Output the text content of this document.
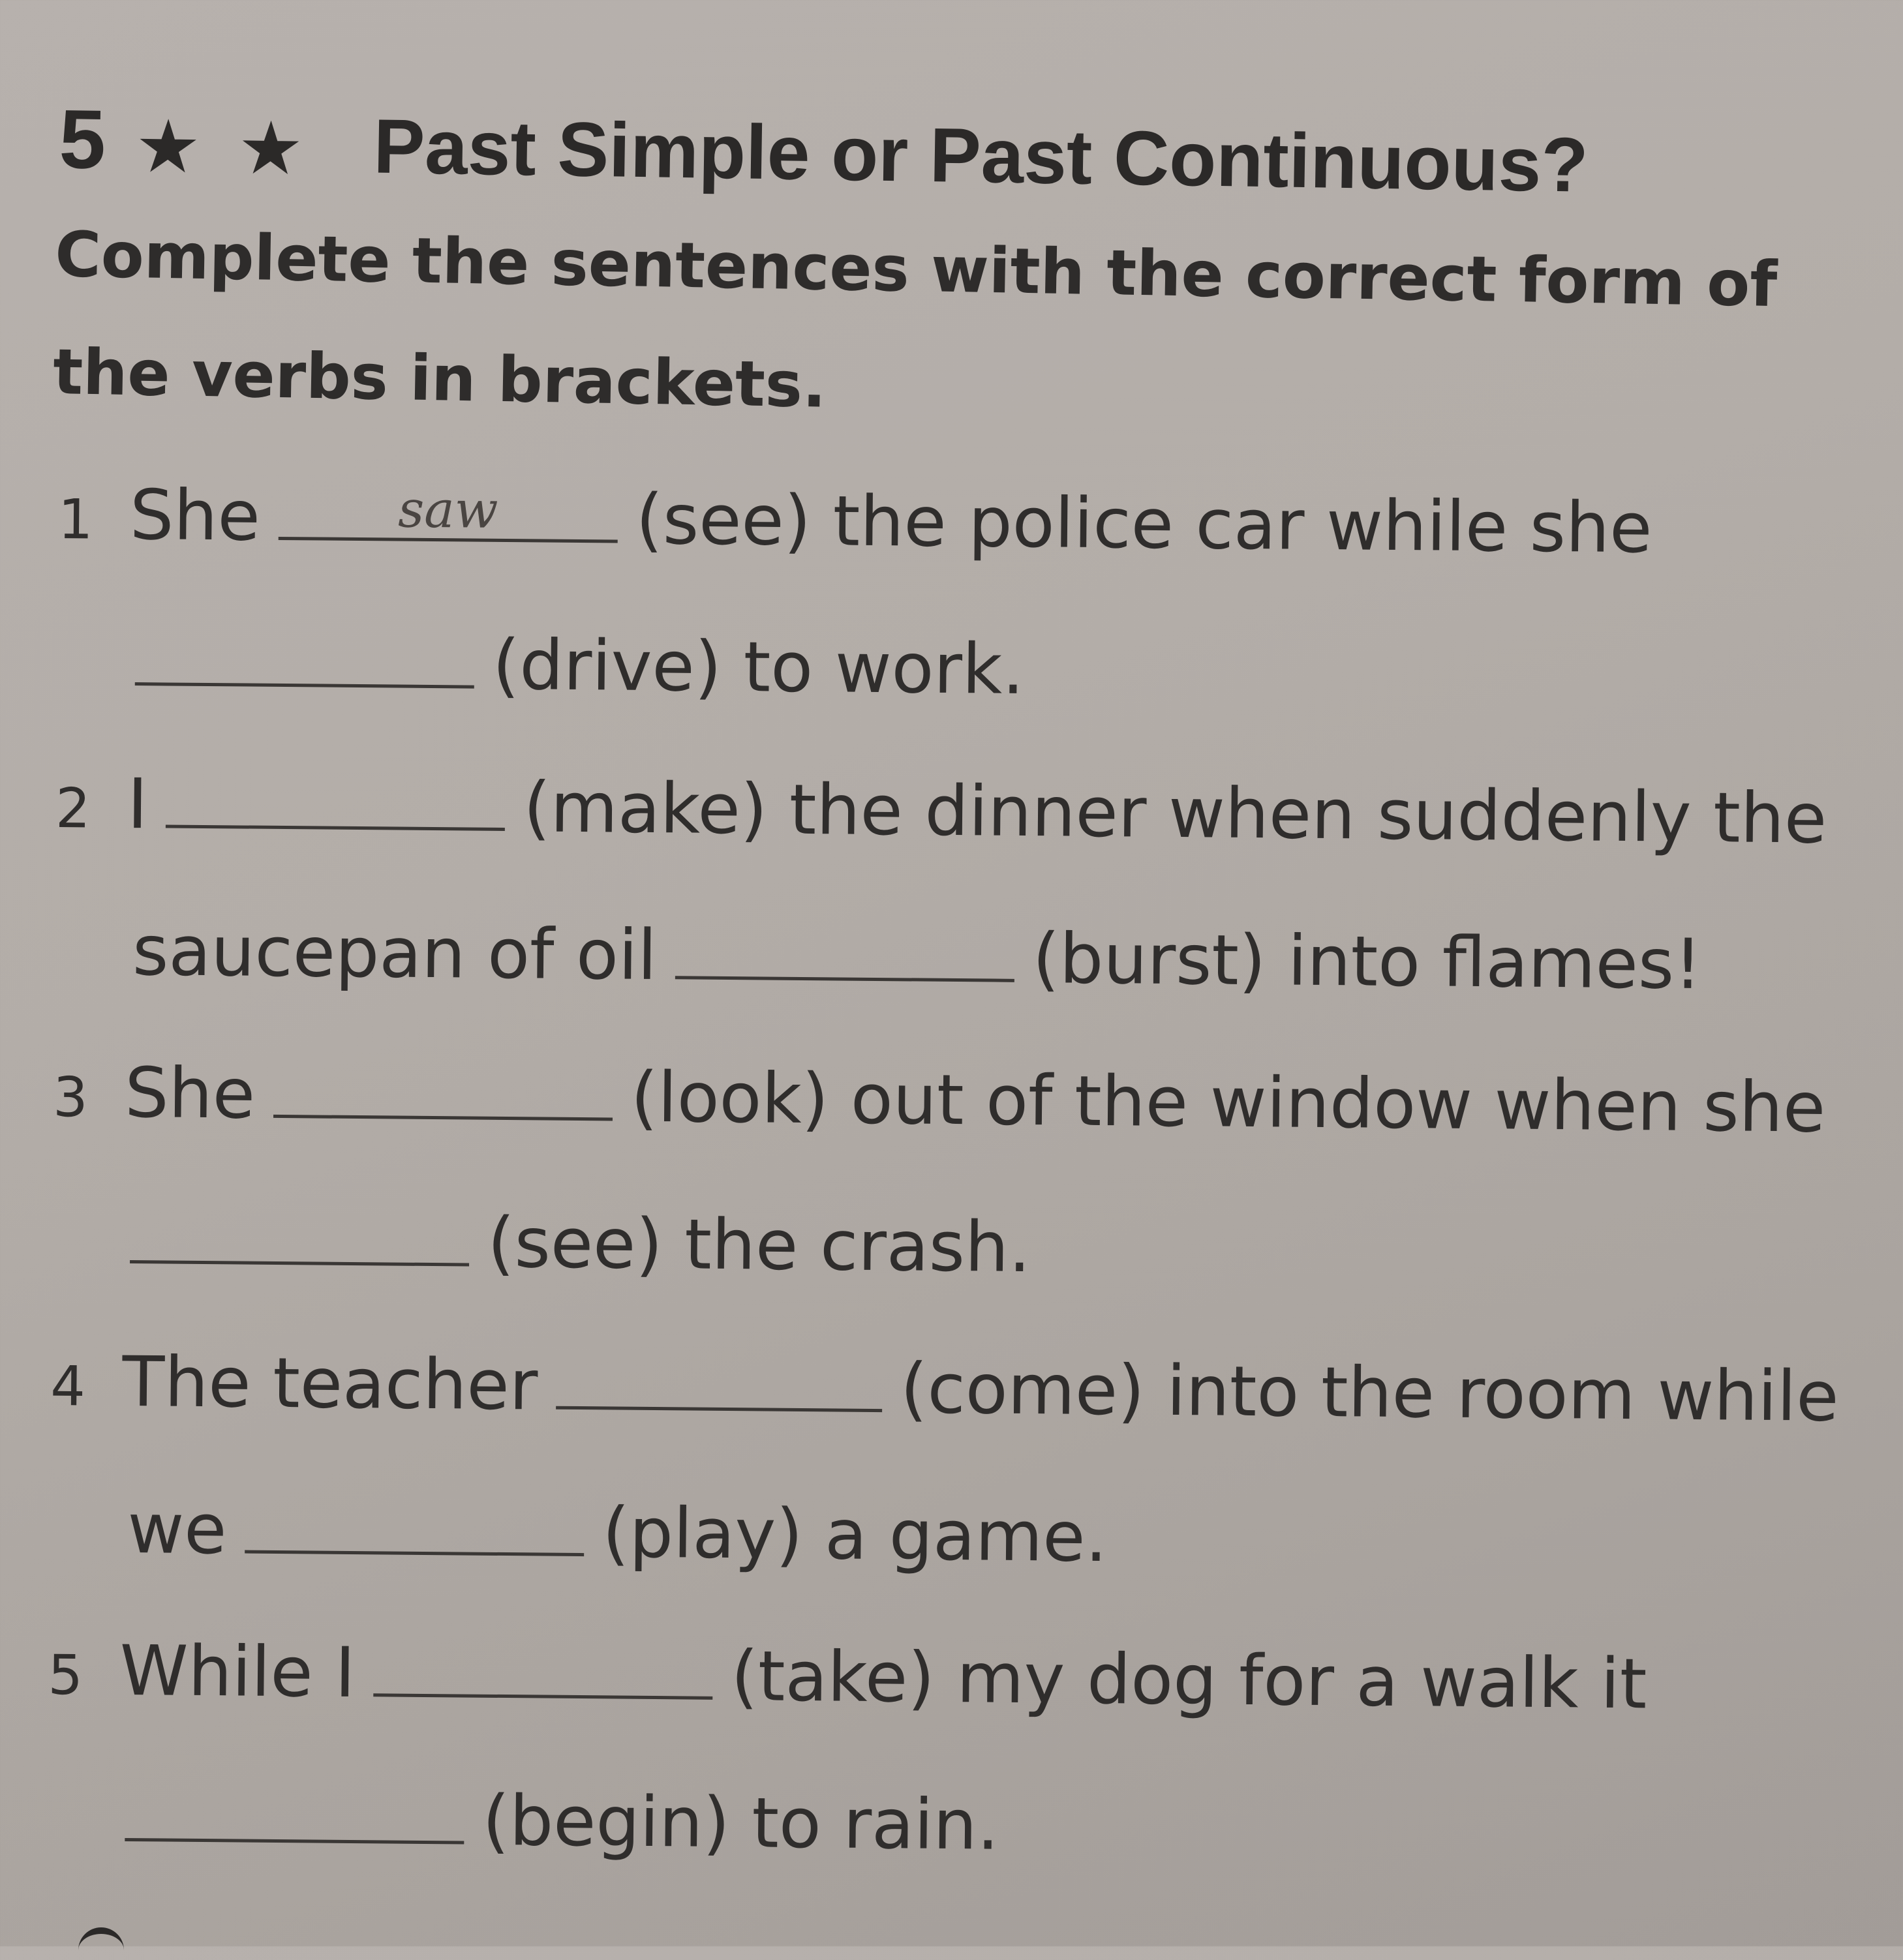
5 ★ ★ Past Simple or Past Continuous?
Complete the sentences with the correct form of the verbs in brackets.
1 She	saw	(see) the police car while she
(drive) to work.
2 I	(make) the dinner when suddenly the
saucepan of oil	(burst) into flames!
3 She	(look) out of the window when she
(see) the crash.
4 The teacher	(come) into the room while
we	(play) a game.
5 While I	(take) my dog for a walk it
(begin) to rain.
